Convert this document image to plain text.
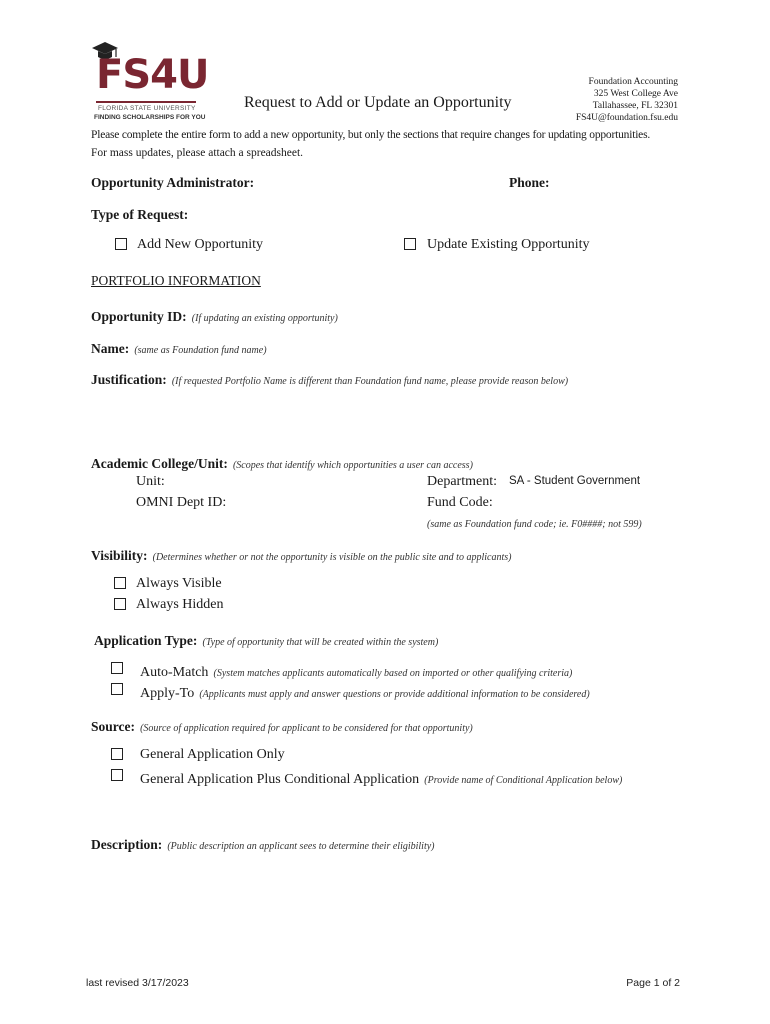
FS4U
FLORIDA STATE UNIVERSITY
FINDING SCHOLARSHIPS FOR YOU
Request to Add or Update an Opportunity
Foundation Accounting
325 West College Ave
Tallahassee, FL 32301
FS4U@foundation.fsu.edu
Please complete the entire form to add a new opportunity, but only the sections that require changes for updating opportunities.
For mass updates, please attach a spreadsheet.
Opportunity Administrator:	Phone:
Type of Request:
Add New Opportunity	Update Existing Opportunity
PORTFOLIO INFORMATION
Opportunity ID: (If updating an existing opportunity)
Name: (same as Foundation fund name)
Justification: (If requested Portfolio Name is different than Foundation fund name, please provide reason below)
Academic College/Unit: (Scopes that identify which opportunities a user can access)
Unit:	Department: SA - Student Government
OMNI Dept ID:	Fund Code:
(same as Foundation fund code; ie. F0####; not 599)
Visibility: (Determines whether or not the opportunity is visible on the public site and to applicants)
Always Visible
Always Hidden
Application Type: (Type of opportunity that will be created within the system)
Auto-Match (System matches applicants automatically based on imported or other qualifying criteria)
Apply-To (Applicants must apply and answer questions or provide additional information to be considered)
Source: (Source of application required for applicant to be considered for that opportunity)
General Application Only
General Application Plus Conditional Application (Provide name of Conditional Application below)
Description: (Public description an applicant sees to determine their eligibility)
last revised 3/17/2023	Page 1 of 2
